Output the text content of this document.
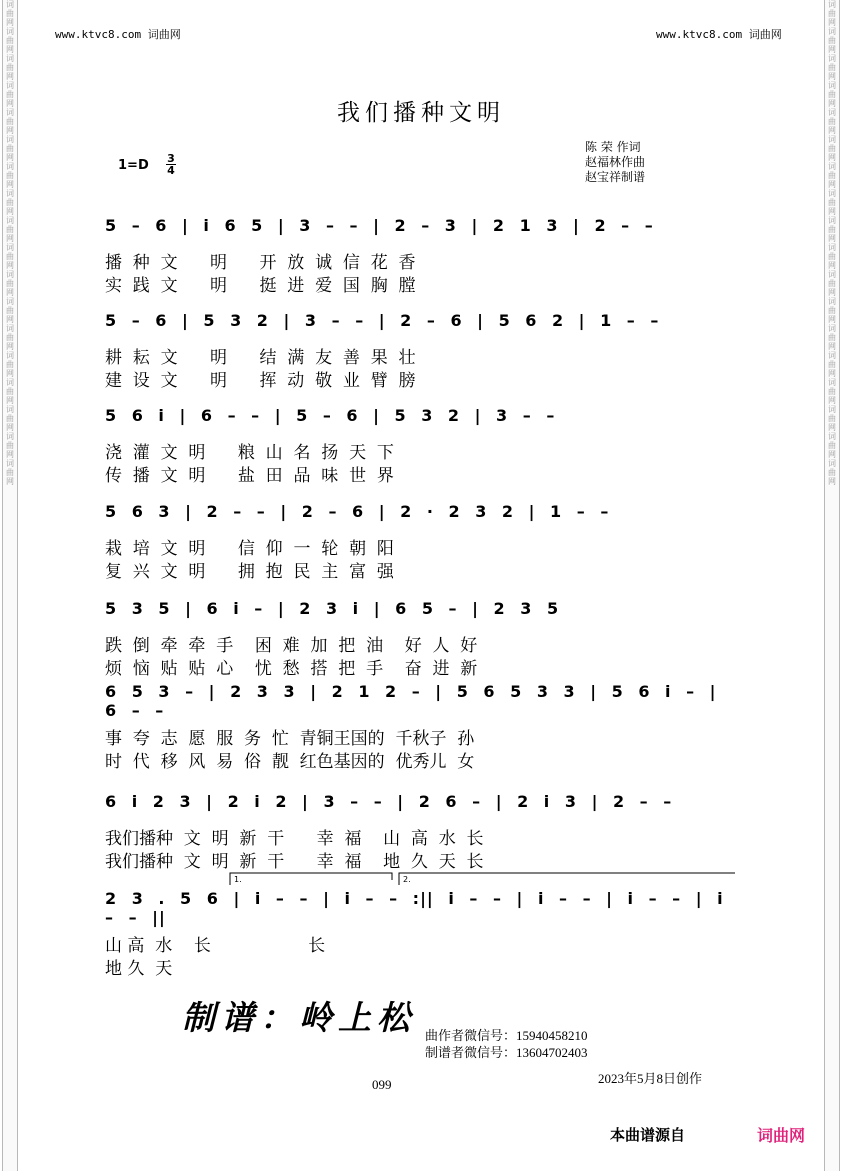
词曲网词曲网词曲网词曲网词曲网词曲网词曲网词曲网词曲网词曲网词曲网词曲网词曲网词曲网词曲网词曲网词曲网词曲网
词曲网词曲网词曲网词曲网词曲网词曲网词曲网词曲网词曲网词曲网词曲网词曲网词曲网词曲网词曲网词曲网词曲网词曲网
www.ktvc8.com 词曲网	www.ktvc8.com 词曲网
我们播种文明
陈 荣 作词
赵福林作曲
赵宝祥制谱
1=D 3
4
5 – 6 | i 6 5 | 3 – – | 2 – 3 | 2 1 3 | 2 – –
播  种  文      明      开  放  诚  信  花  香
实  践  文      明      挺  进  爱  国  胸  膛
5 – 6 | 5 3 2 | 3 – – | 2 – 6 | 5 6 2 | 1 – –
耕  耘  文      明      结  满  友  善  果  壮
建  设  文      明      挥  动  敬  业  臂  膀
5 6 i | 6 – – | 5 – 6 | 5 3 2 | 3 – –
浇  灌  文  明      粮  山  名  扬  天  下
传  播  文  明      盐  田  品  味  世  界
5 6 3 | 2 – – | 2 – 6 | 2 · 2 3 2 | 1 – –
栽  培  文  明      信  仰  一  轮  朝  阳
复  兴  文  明      拥  抱  民  主  富  强
5 3 5 | 6 i – | 2 3 i | 6 5 – | 2 3 5
跌  倒  牵  牵  手    困  难  加  把  油    好  人  好
烦  恼  贴  贴  心    忧  愁  搭  把  手    奋  进  新
6 5 3 – | 2 3 3 | 2 1 2 – | 5 6 5 3 3 | 5 6 i – | 6 – –
事  夸  志  愿  服  务  忙  青铜王国的  千秋子  孙
时  代  移  风  易  俗  靓  红色基因的  优秀儿  女
6 i 2 3 | 2 i 2 | 3 – – | 2 6 – | 2 i 3 | 2 – –
我们播种  文  明  新  干      幸  福    山  高  水  长
我们播种  文  明  新  干      幸  福    地  久  天  长
2 3 . 5 6 | i – – | i – – :|| i – – | i – – | i – – | i – – ||
山 高  水    长                  长
地 久  天
1.	2.
制谱：岭上松 曲作者微信号：15940458210
制谱者微信号：13604702403
099	2023年5月8日创作
本曲谱源自	词曲网
